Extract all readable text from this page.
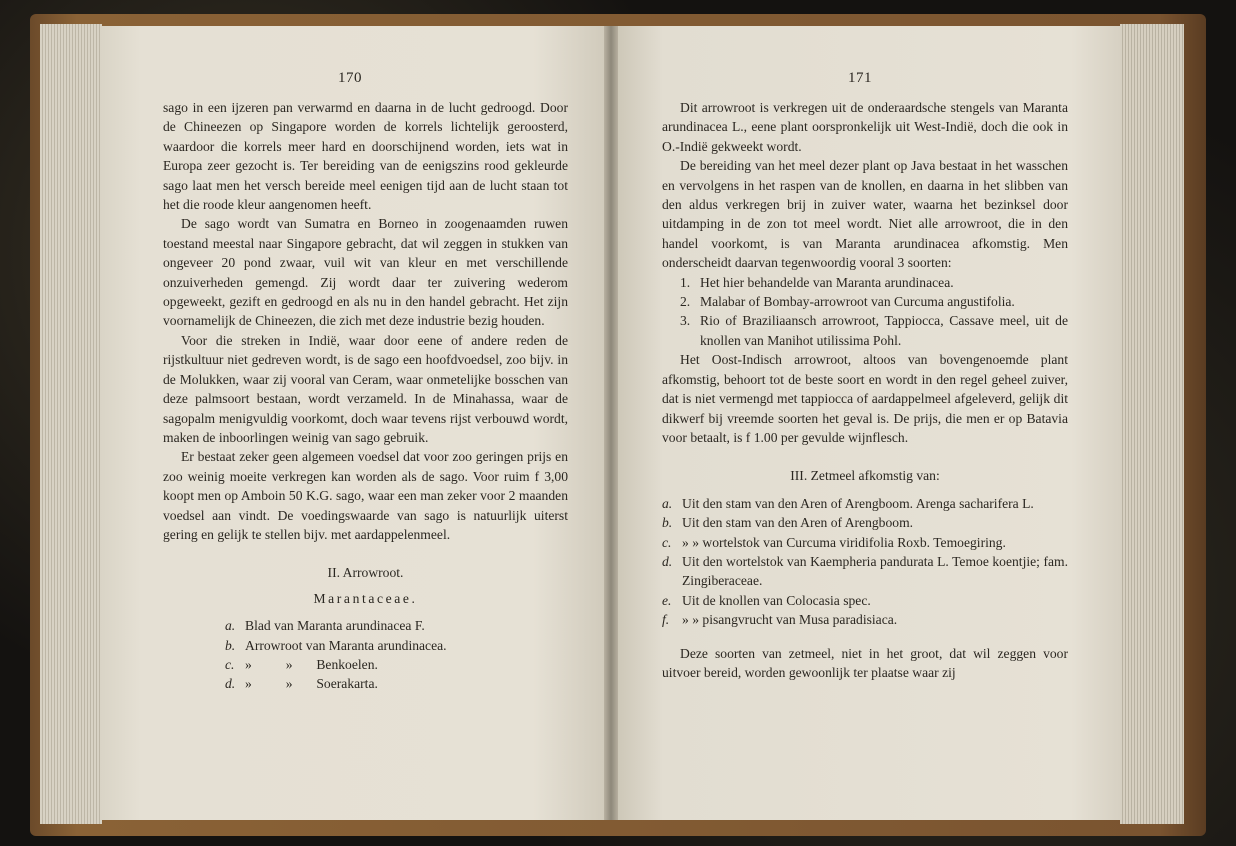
170

sago in een ijzeren pan verwarmd en daarna in de lucht gedroogd. Door de Chineezen op Singapore worden de korrels lichtelijk geroosterd, waardoor die korrels meer hard en doorschijnend worden, iets wat in Europa zeer gezocht is. Ter bereiding van de eenigszins rood gekleurde sago laat men het versch bereide meel eenigen tijd aan de lucht staan tot het die roode kleur aangenomen heeft.

De sago wordt van Sumatra en Borneo in zoogenaamden ruwen toestand meestal naar Singapore gebracht, dat wil zeggen in stukken van ongeveer 20 pond zwaar, vuil wit van kleur en met verschillende onzuiverheden gemengd. Zij wordt daar ter zuivering wederom opgeweekt, gezift en gedroogd en als nu in den handel gebracht. Het zijn voornamelijk de Chineezen, die zich met deze industrie bezig houden.

Voor die streken in Indië, waar door eene of andere reden de rijstkultuur niet gedreven wordt, is de sago een hoofdvoedsel, zoo bijv. in de Molukken, waar zij vooral van Ceram, waar onmetelijke bosschen van deze palmsoort bestaan, wordt verzameld. In de Minahassa, waar de sagopalm menigvuldig voorkomt, doch waar tevens rijst verbouwd wordt, maken de inboorlingen weinig van sago gebruik.

Er bestaat zeker geen algemeen voedsel dat voor zoo geringen prijs en zoo weinig moeite verkregen kan worden als de sago. Voor ruim f 3,00 koopt men op Amboin 50 K.G. sago, waar een man zeker voor 2 maanden voedsel aan vindt. De voedingswaarde van sago is natuurlijk uiterst gering en gelijk te stellen bijv. met aardappelenmeel.

II. Arrowroot.

Marantaceae.

a. Blad van Maranta arundinacea F.
b. Arrowroot van Maranta arundinacea.
c. »          »       Benkoelen.
d. »          »       Soerakarta.
171

Dit arrowroot is verkregen uit de onderaardsche stengels van Maranta arundinacea L., eene plant oorspronkelijk uit West-Indië, doch die ook in O.-Indië gekweekt wordt.

De bereiding van het meel dezer plant op Java bestaat in het wasschen en vervolgens in het raspen van de knollen, en daarna in het slibben van den aldus verkregen brij in zuiver water, waarna het bezinksel door uitdamping in de zon tot meel wordt. Niet alle arrowroot, die in den handel voorkomt, is van Maranta arundinacea afkomstig. Men onderscheidt daarvan tegenwoordig vooral 3 soorten:

1. Het hier behandelde van Maranta arundinacea.
2. Malabar of Bombay-arrowroot van Curcuma angustifolia.
3. Rio of Braziliaansch arrowroot, Tappiocca, Cassave meel, uit de knollen van Manihot utilissima Pohl.

Het Oost-Indisch arrowroot, altoos van bovengenoemde plant afkomstig, behoort tot de beste soort en wordt in den regel geheel zuiver, dat is niet vermengd met tappiocca of aardappelmeel afgeleverd, gelijk dit dikwerf bij vreemde soorten het geval is. De prijs, die men er op Batavia voor betaalt, is f 1.00 per gevulde wijnflesch.

III. Zetmeel afkomstig van:

a. Uit den stam van den Aren of Arengboom. Arenga sacharifera L.
b. Uit den stam van den Aren of Arengboom.
c. » » wortelstok van Curcuma viridifolia Roxb. Temoegiring.
d. Uit den wortelstok van Kaempheria pandurata L. Temoe koentjie; fam. Zingiberaceae.
e. Uit de knollen van Colocasia spec.
f. » » pisangvrucht van Musa paradisiaca.

Deze soorten van zetmeel, niet in het groot, dat wil zeggen voor uitvoer bereid, worden gewoonlijk ter plaatse waar zij
